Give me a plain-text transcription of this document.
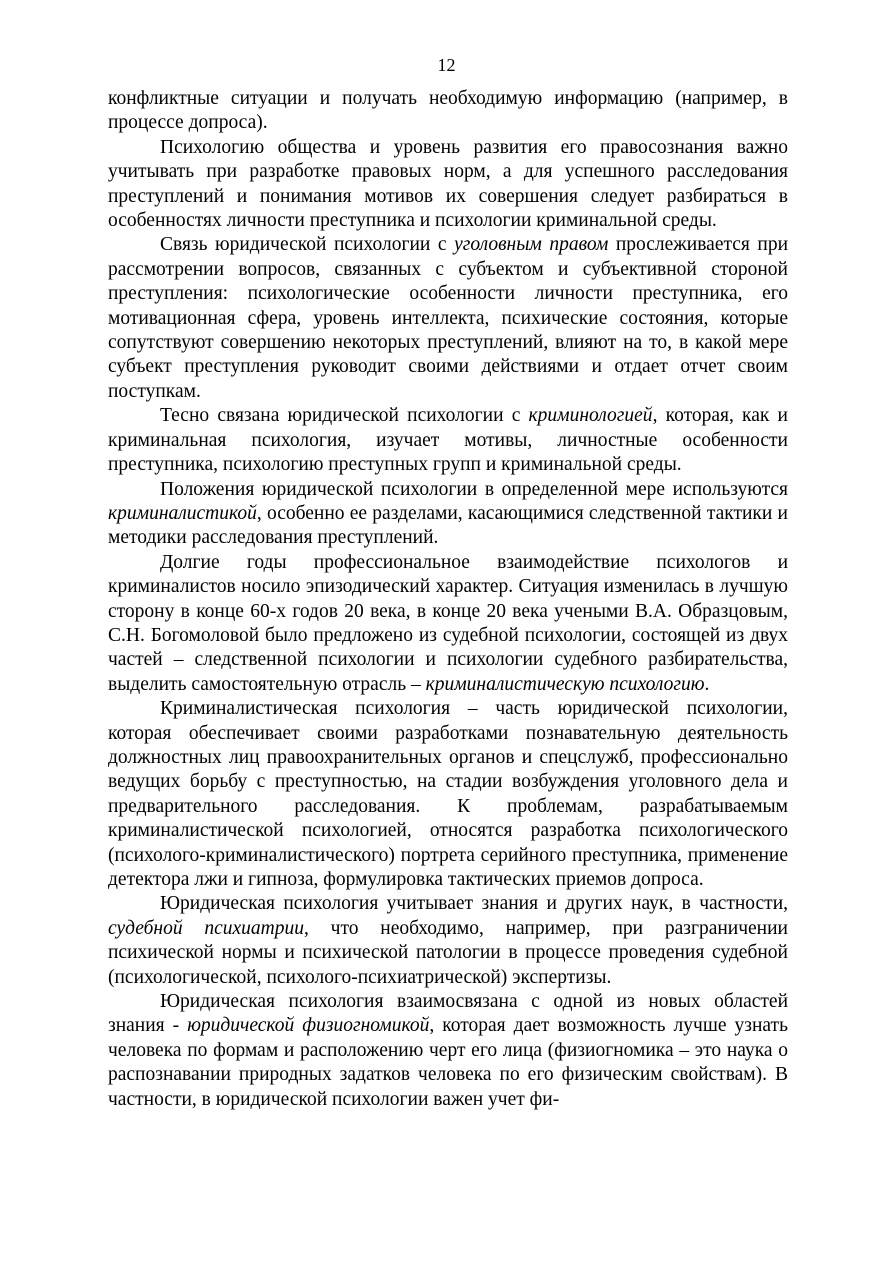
12

конфликтные ситуации и получать необходимую информацию (например, в процессе допроса).

Психологию общества и уровень развития его правосознания важно учитывать при разработке правовых норм, а для успешного расследования преступлений и понимания мотивов их совершения следует разбираться в особенностях личности преступника и психологии криминальной среды.

Связь юридической психологии с уголовным правом прослеживается при рассмотрении вопросов, связанных с субъектом и субъективной стороной преступления: психологические особенности личности преступника, его мотивационная сфера, уровень интеллекта, психические состояния, которые сопутствуют совершению некоторых преступлений, влияют на то, в какой мере субъект преступления руководит своими действиями и отдает отчет своим поступкам.

Тесно связана юридической психологии с криминологией, которая, как и криминальная психология, изучает мотивы, личностные особенности преступника, психологию преступных групп и криминальной среды.

Положения юридической психологии в определенной мере используются криминалистикой, особенно ее разделами, касающимися следственной тактики и методики расследования преступлений.

Долгие годы профессиональное взаимодействие психологов и криминалистов носило эпизодический характер. Ситуация изменилась в лучшую сторону в конце 60-х годов 20 века, в конце 20 века учеными В.А. Образцовым, С.Н. Богомоловой было предложено из судебной психологии, состоящей из двух частей – следственной психологии и психологии судебного разбирательства, выделить самостоятельную отрасль – криминалистическую психологию.

Криминалистическая психология – часть юридической психологии, которая обеспечивает своими разработками познавательную деятельность должностных лиц правоохранительных органов и спецслужб, профессионально ведущих борьбу с преступностью, на стадии возбуждения уголовного дела и предварительного расследования. К проблемам, разрабатываемым криминалистической психологией, относятся разработка психологического (психолого-криминалистического) портрета серийного преступника, применение детектора лжи и гипноза, формулировка тактических приемов допроса.

Юридическая психология учитывает знания и других наук, в частности, судебной психиатрии, что необходимо, например, при разграничении психической нормы и психической патологии в процессе проведения судебной (психологической, психолого-психиатрической) экспертизы.

Юридическая психология взаимосвязана с одной из новых областей знания - юридической физиогномикой, которая дает возможность лучше узнать человека по формам и расположению черт его лица (физиогномика – это наука о распознавании природных задатков человека по его физическим свойствам). В частности, в юридической психологии важен учет фи-
